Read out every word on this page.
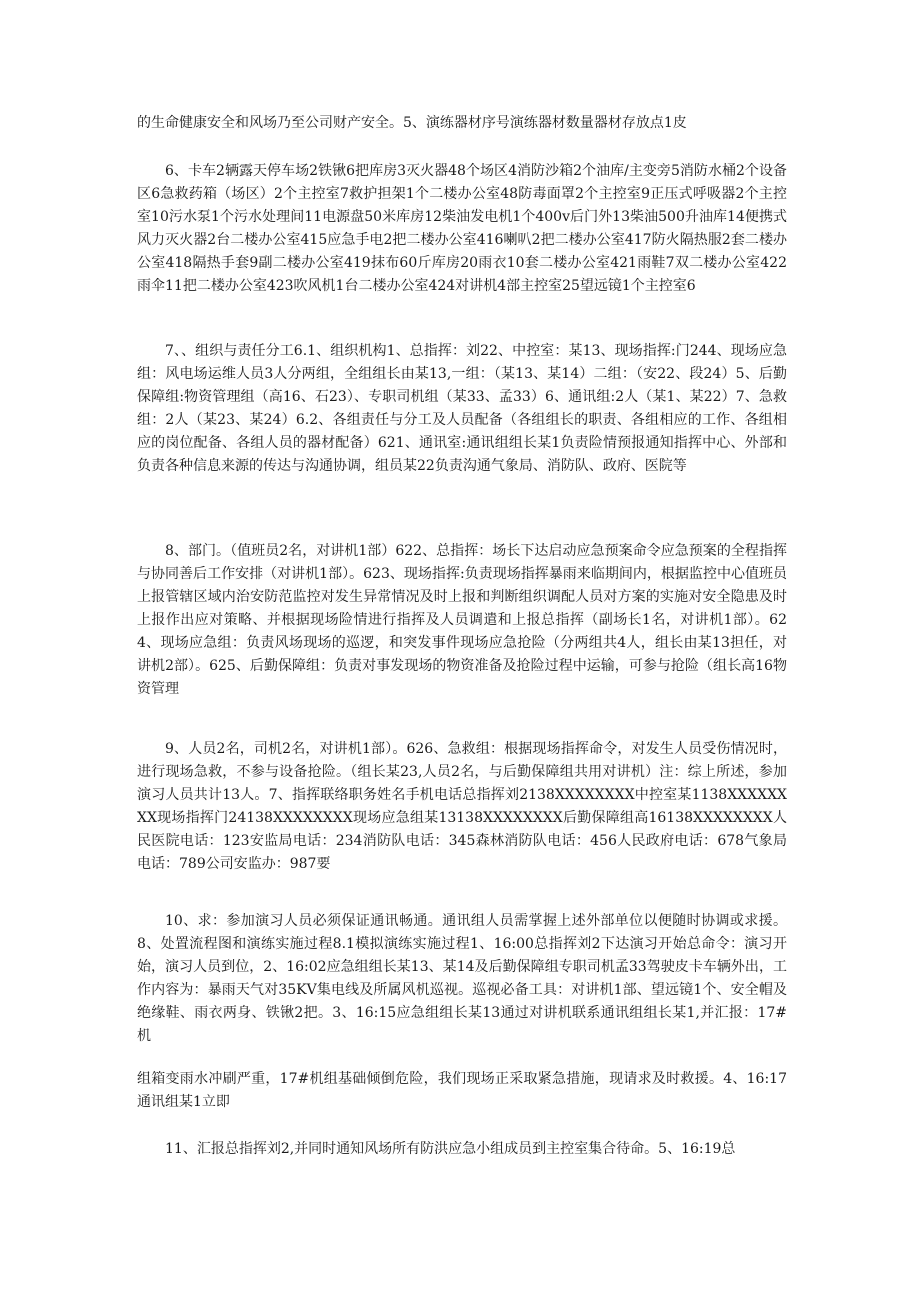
的生命健康安全和风场乃至公司财产安全。5、演练器材序号演练器材数量器材存放点1皮

6、卡车2辆露天停车场2铁锹6把库房3灭火器48个场区4消防沙箱2个油库/主变旁5消防水桶2个设备区6急救药箱（场区）2个主控室7救护担架1个二楼办公室48防毒面罩2个主控室9正压式呼吸器2个主控室10污水泵1个污水处理间11电源盘50米库房12柴油发电机1个400v后门外13柴油500升油库14便携式风力灭火器2台二楼办公室415应急手电2把二楼办公室416喇叭2把二楼办公室417防火隔热服2套二楼办公室418隔热手套9副二楼办公室419抹布60斤库房20雨衣10套二楼办公室421雨鞋7双二楼办公室422雨伞11把二楼办公室423吹风机1台二楼办公室424对讲机4部主控室25望远镜1个主控室6

7、、组织与责任分工6.1、组织机构1、总指挥：刘22、中控室：某13、现场指挥:门244、现场应急组：风电场运维人员3人分两组，全组组长由某13,一组：（某13、某14）二组：（安22、段24）5、后勤保障组:物资管理组（高16、石23）、专职司机组（某33、孟33）6、通讯组:2人（某1、某22）7、急救组：2人（某23、某24）6.2、各组责任与分工及人员配备（各组组长的职责、各组相应的工作、各组相应的岗位配备、各组人员的器材配备）621、通讯室:通讯组组长某1负责险情预报通知指挥中心、外部和负责各种信息来源的传达与沟通协调，组员某22负责沟通气象局、消防队、政府、医院等

8、部门。（值班员2名，对讲机1部）622、总指挥：场长下达启动应急预案命令应急预案的全程指挥与协同善后工作安排（对讲机1部）。623、现场指挥:负责现场指挥暴雨来临期间内，根据监控中心值班员上报管辖区域内治安防范监控对发生异常情况及时上报和判断组织调配人员对方案的实施对安全隐患及时上报作出应对策略、并根据现场险情进行指挥及人员调遣和上报总指挥（副场长1名，对讲机1部）。624、现场应急组：负责风场现场的巡逻，和突发事件现场应急抢险（分两组共4人，组长由某13担任，对讲机2部）。625、后勤保障组：负责对事发现场的物资准备及抢险过程中运输，可参与抢险（组长高16物资管理

9、人员2名，司机2名，对讲机1部）。626、急救组：根据现场指挥命令，对发生人员受伤情况时，进行现场急救，不参与设备抢险。（组长某23,人员2名，与后勤保障组共用对讲机）注：综上所述，参加演习人员共计13人。7、指挥联络职务姓名手机电话总指挥刘2138XXXXXXXX中控室某1138XXXXXXXX现场指挥门24138XXXXXXXX现场应急组某13138XXXXXXXX后勤保障组高16138XXXXXXXX人民医院电话：123安监局电话：234消防队电话：345森林消防队电话：456人民政府电话：678气象局电话：789公司安监办：987要

10、求：参加演习人员必须保证通讯畅通。通讯组人员需掌握上述外部单位以便随时协调或求援。8、处置流程图和演练实施过程8.1模拟演练实施过程1、16:00总指挥刘2下达演习开始总命令：演习开始，演习人员到位，2、16:02应急组组长某13、某14及后勤保障组专职司机孟33驾驶皮卡车辆外出，工作内容为：暴雨天气对35KV集电线及所属风机巡视。巡视必备工具：对讲机1部、望远镜1个、安全帽及绝缘鞋、雨衣两身、铁锹2把。3、16:15应急组组长某13通过对讲机联系通讯组组长某1,并汇报：17#机

组箱变雨水冲刷严重，17#机组基础倾倒危险，我们现场正采取紧急措施，现请求及时救援。4、16:17通讯组某1立即

11、汇报总指挥刘2,并同时通知风场所有防洪应急小组成员到主控室集合待命。5、16:19总
